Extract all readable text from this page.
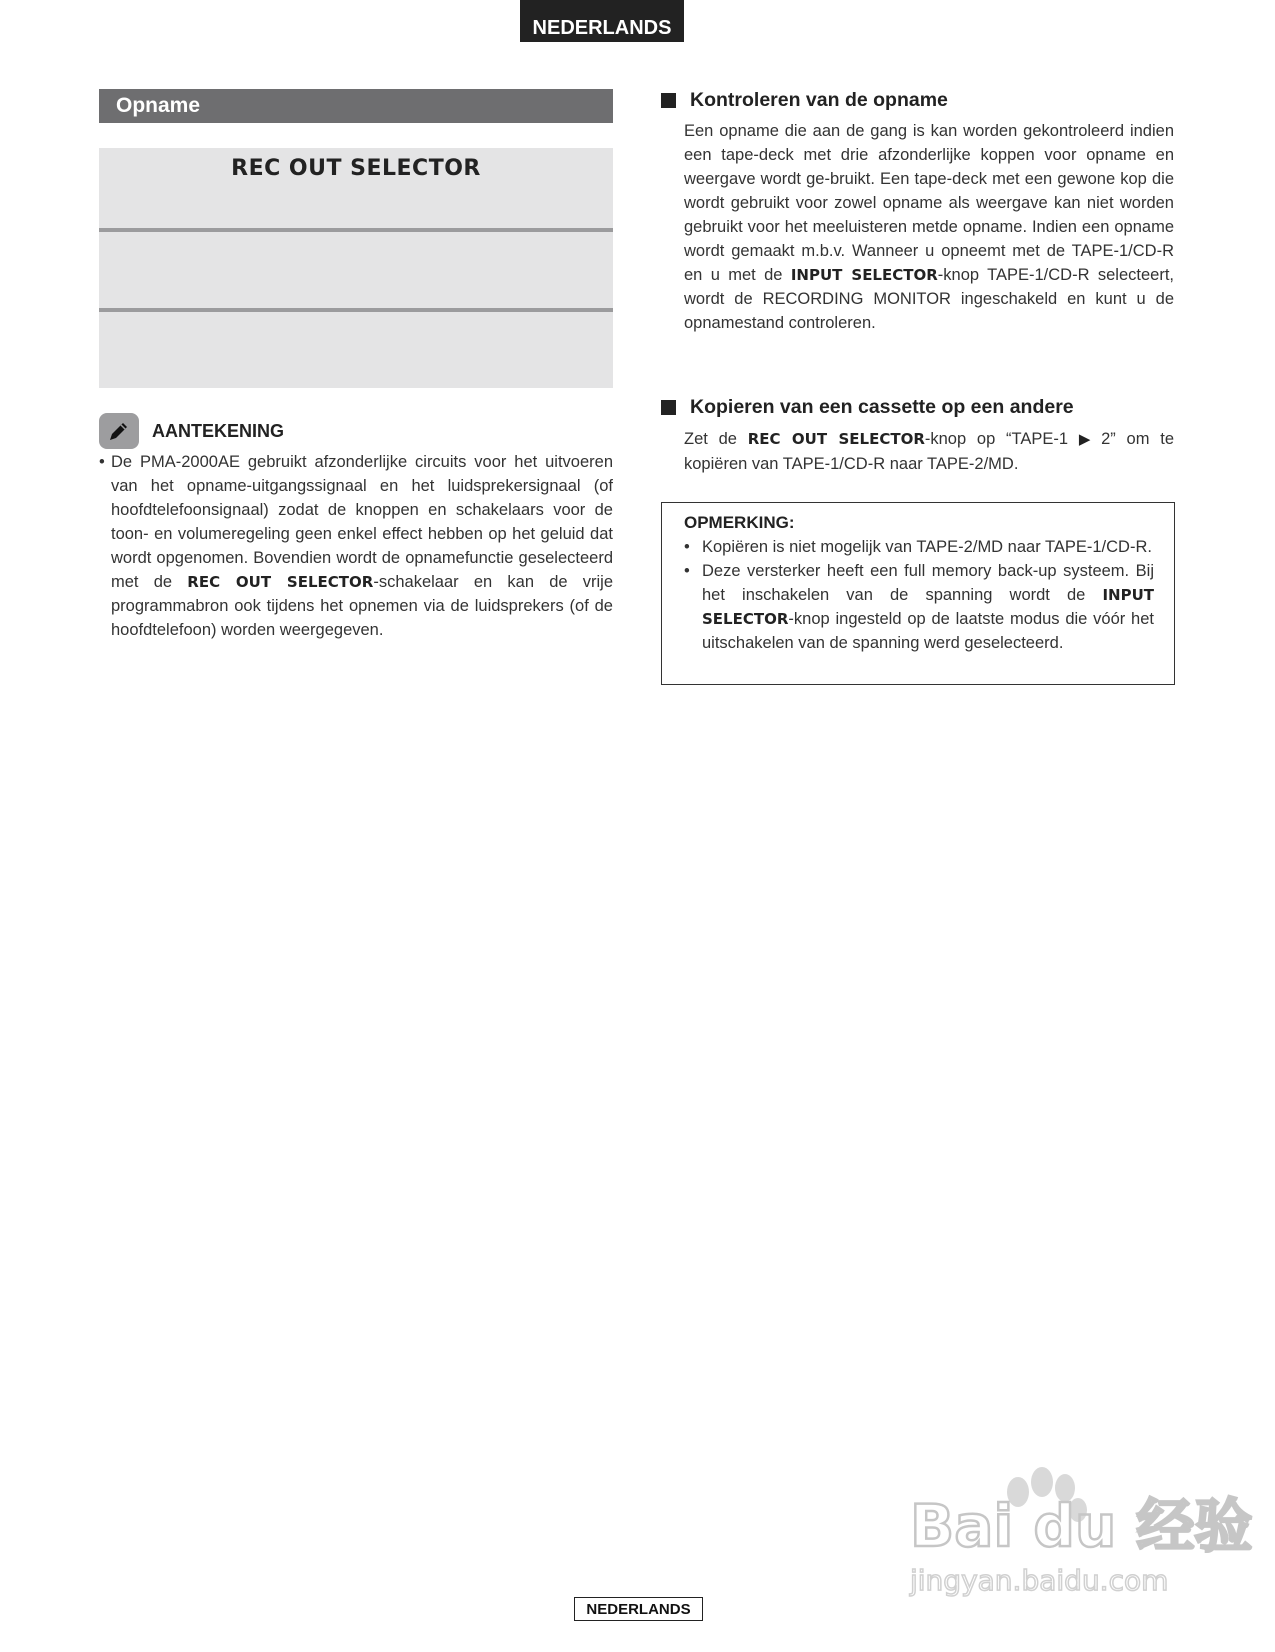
NEDERLANDS
Opname
REC OUT SELECTOR
AANTEKENING
• De PMA-2000AE gebruikt afzonderlijke circuits voor het uitvoeren van het opname-uitgangssignaal en het luidsprekersignaal (of hoofdtelefoonsignaal) zodat de knoppen en schakelaars voor de toon- en volumeregeling geen enkel effect hebben op het geluid dat wordt opgenomen. Bovendien wordt de opnamefunctie geselecteerd met de REC OUT SELECTOR-schakelaar en kan de vrije programmabron ook tijdens het opnemen via de luidsprekers (of de hoofdtelefoon) worden weergegeven.
Kontroleren van de opname
Een opname die aan de gang is kan worden gekontroleerd indien een tape-deck met drie afzonderlijke koppen voor opname en weergave wordt ge-bruikt. Een tape-deck met een gewone kop die wordt gebruikt voor zowel opname als weergave kan niet worden gebruikt voor het meeluisteren metde opname. Indien een opname wordt gemaakt m.b.v. Wanneer u opneemt met de TAPE-1/CD-R en u met de INPUT SELECTOR-knop TAPE-1/CD-R selecteert, wordt de RECORDING MONITOR ingeschakeld en kunt u de opnamestand controleren.
Kopieren van een cassette op een andere
Zet de REC OUT SELECTOR-knop op “TAPE-1 ▶ 2” om te kopiëren van TAPE-1/CD-R naar TAPE-2/MD.
OPMERKING:
• Kopiëren is niet mogelijk van TAPE-2/MD naar TAPE-1/CD-R.
• Deze versterker heeft een full memory back-up systeem. Bij het inschakelen van de spanning wordt de INPUT SELECTOR-knop ingesteld op de laatste modus die vóór het uitschakelen van de spanning werd geselecteerd.
Bai du 经验
jingyan.baidu.com
NEDERLANDS
